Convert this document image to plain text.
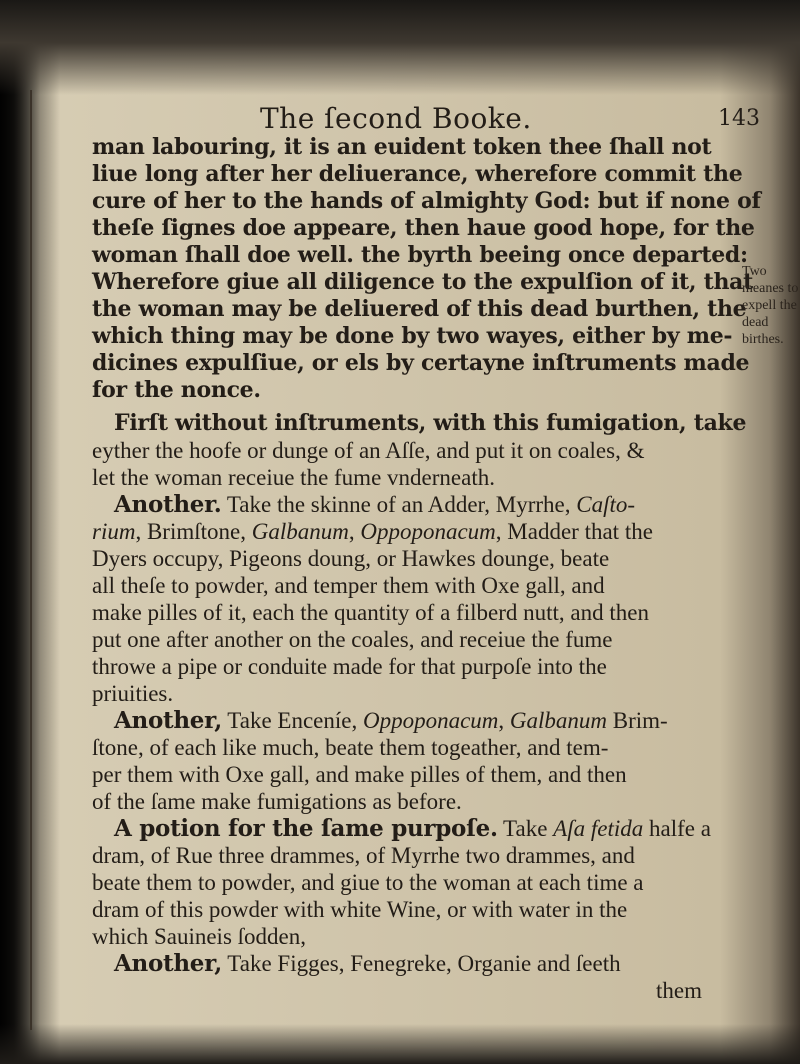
The ſecond Booke.	143
man labouring, it is an euident token thee ſhall not
liue long after her deliuerance, wherefore commit the
cure of her to the hands of almighty God: but if none of
theſe ſignes doe appeare, then haue good hope, for the
woman ſhall doe well. the byrth beeing once departed:
Wherefore giue all diligence to the expulſion of it, that
the woman may be deliuered of this dead burthen, the
which thing may be done by two wayes, either by me-
dicines expulſiue, or els by certayne inſtruments made
for the nonce.
Firſt without inſtruments, with this fumigation, take
eyther the hoofe or dunge of an Aſſe, and put it on coales, &
let the woman receiue the fume vnderneath.
Another. Take the skinne of an Adder, Myrrhe, Caſto-
rium, Brimſtone, Galbanum, Oppoponacum, Madder that the
Dyers occupy, Pigeons doung, or Hawkes dounge, beate
all theſe to powder, and temper them with Oxe gall, and
make pilles of it, each the quantity of a filberd nutt, and then
put one after another on the coales, and receiue the fume
throwe a pipe or conduite made for that purpoſe into the
priuities.
Another, Take Enceníe, Oppoponacum, Galbanum Brim-
ſtone, of each like much, beate them togeather, and tem-
per them with Oxe gall, and make pilles of them, and then
of the ſame make fumigations as before.
A potion for the ſame purpoſe. Take Aſa fetida halfe a
dram, of Rue three drammes, of Myrrhe two drammes, and
beate them to powder, and giue to the woman at each time a
dram of this powder with white Wine, or with water in the
which Sauineis ſodden,
Another, Take Figges, Fenegreke, Organie and ſeeth
them
Two
meanes to
expell the
dead
birthes.
